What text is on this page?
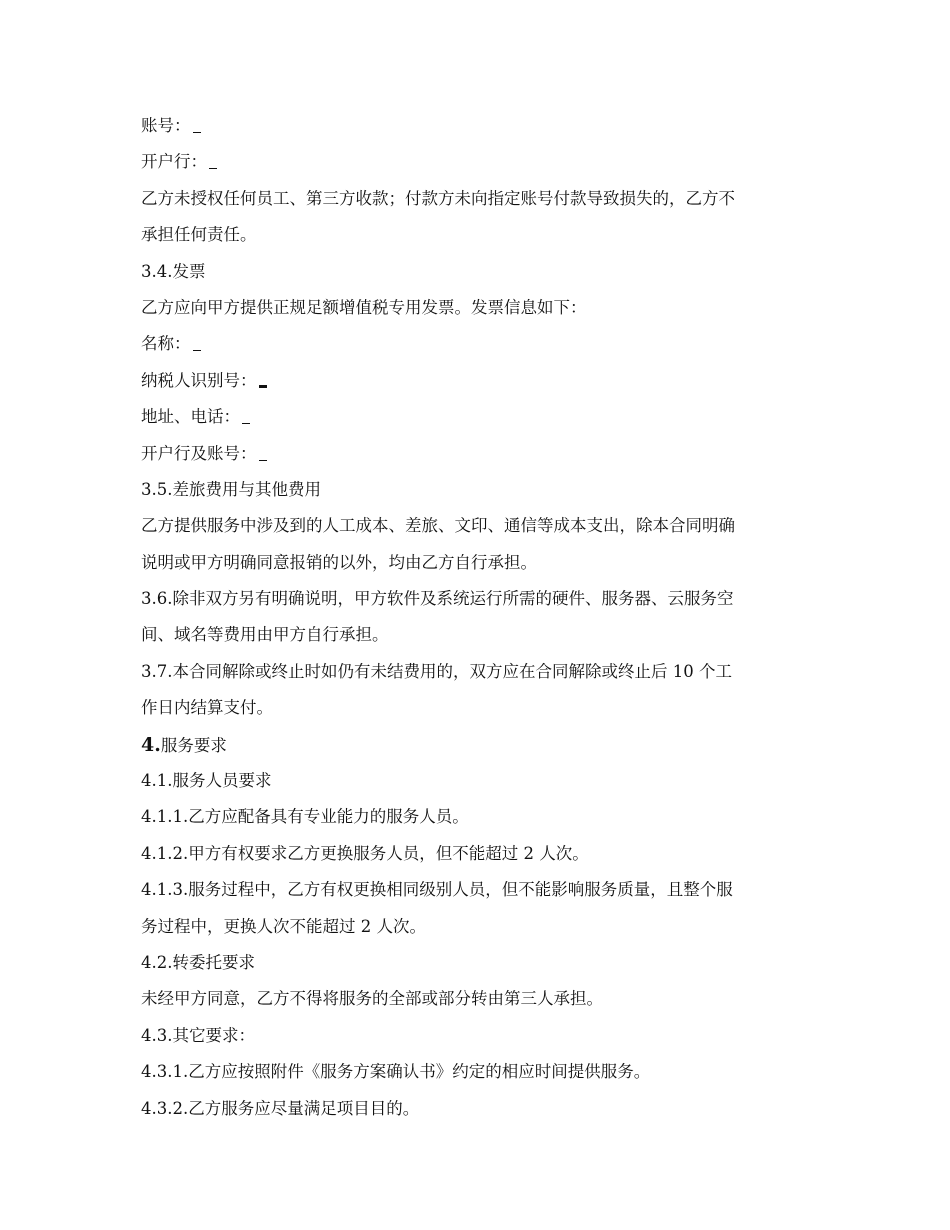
账号：
开户行：
乙方未授权任何员工、第三方收款；付款方未向指定账号付款导致损失的，乙方不
承担任何责任。
3.4.发票
乙方应向甲方提供正规足额增值税专用发票。发票信息如下：
名称：
纳税人识别号：
地址、电话：
开户行及账号：
3.5.差旅费用与其他费用
乙方提供服务中涉及到的人工成本、差旅、文印、通信等成本支出，除本合同明确
说明或甲方明确同意报销的以外，均由乙方自行承担。
3.6.除非双方另有明确说明，甲方软件及系统运行所需的硬件、服务器、云服务空
间、域名等费用由甲方自行承担。
3.7.本合同解除或终止时如仍有未结费用的，双方应在合同解除或终止后 10 个工
作日内结算支付。
4.服务要求
4.1.服务人员要求
4.1.1.乙方应配备具有专业能力的服务人员。
4.1.2.甲方有权要求乙方更换服务人员，但不能超过 2 人次。
4.1.3.服务过程中，乙方有权更换相同级别人员，但不能影响服务质量，且整个服
务过程中，更换人次不能超过 2 人次。
4.2.转委托要求
未经甲方同意，乙方不得将服务的全部或部分转由第三人承担。
4.3.其它要求：
4.3.1.乙方应按照附件《服务方案确认书》约定的相应时间提供服务。
4.3.2.乙方服务应尽量满足项目目的。
